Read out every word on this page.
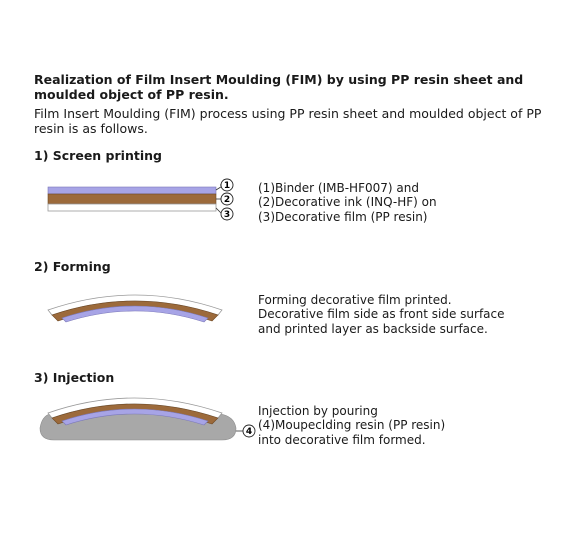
Realization of Film Insert Moulding (FIM) by using PP resin sheet and
moulded object of PP resin.
Film Insert Moulding (FIM) process using PP resin sheet and moulded object of PP
resin is as follows.
1) Screen printing
1
2
3
(1)Binder (IMB-HF007) and
(2)Decorative ink (INQ-HF) on
(3)Decorative film (PP resin)
2) Forming
Forming decorative film printed.
Decorative film side as front side surface
and printed layer as backside surface.
3) Injection
4
Injection by pouring
(4)Moupeclding resin (PP resin)
into decorative film formed.
